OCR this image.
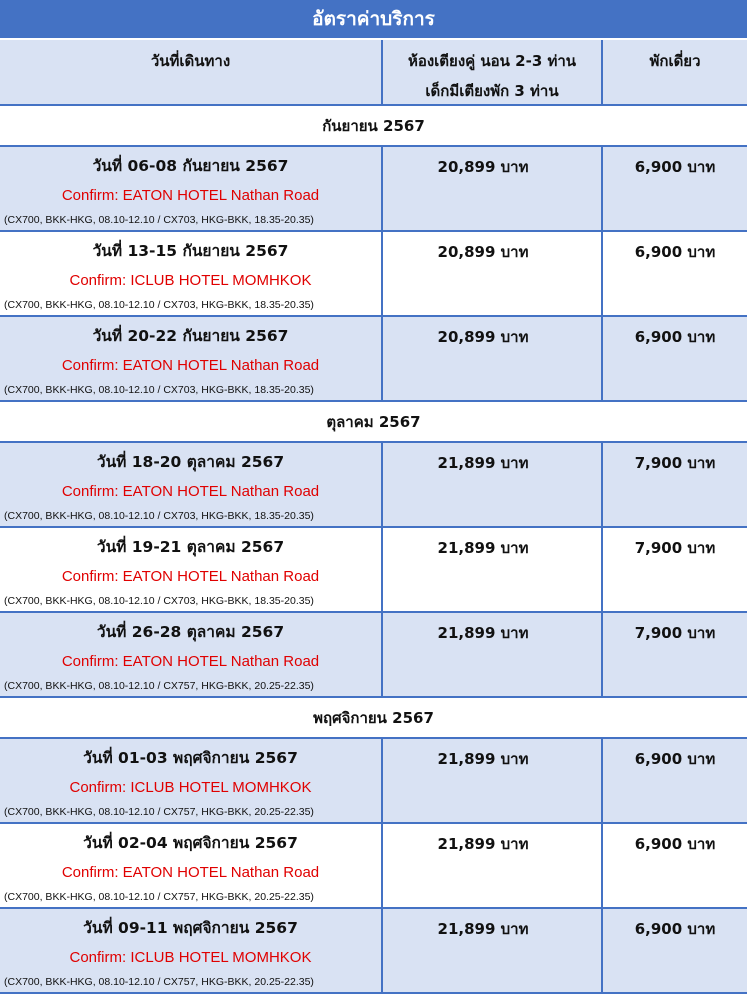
อัตราค่าบริการ
วันที่เดินทาง	ห้องเตียงคู่ นอน 2-3 ท่าน
เด็กมีเตียงพัก 3 ท่าน
พักเดี่ยว
กันยายน 2567
วันที่ 06-08 กันยายน 2567
Confirm: EATON HOTEL Nathan Road
(CX700, BKK-HKG, 08.10-12.10 / CX703, HKG-BKK, 18.35-20.35)
20,899 บาท	6,900 บาท
วันที่ 13-15 กันยายน 2567
Confirm: ICLUB HOTEL MOMHKOK
(CX700, BKK-HKG, 08.10-12.10 / CX703, HKG-BKK, 18.35-20.35)
20,899 บาท	6,900 บาท
วันที่ 20-22 กันยายน 2567
Confirm: EATON HOTEL Nathan Road
(CX700, BKK-HKG, 08.10-12.10 / CX703, HKG-BKK, 18.35-20.35)
20,899 บาท	6,900 บาท
ตุลาคม 2567
วันที่ 18-20 ตุลาคม 2567
Confirm: EATON HOTEL Nathan Road
(CX700, BKK-HKG, 08.10-12.10 / CX703, HKG-BKK, 18.35-20.35)
21,899 บาท	7,900 บาท
วันที่ 19-21 ตุลาคม 2567
Confirm: EATON HOTEL Nathan Road
(CX700, BKK-HKG, 08.10-12.10 / CX703, HKG-BKK, 18.35-20.35)
21,899 บาท	7,900 บาท
วันที่ 26-28 ตุลาคม 2567
Confirm: EATON HOTEL Nathan Road
(CX700, BKK-HKG, 08.10-12.10 / CX757, HKG-BKK, 20.25-22.35)
21,899 บาท	7,900 บาท
พฤศจิกายน 2567
วันที่ 01-03 พฤศจิกายน 2567
Confirm: ICLUB HOTEL MOMHKOK
(CX700, BKK-HKG, 08.10-12.10 / CX757, HKG-BKK, 20.25-22.35)
21,899 บาท	6,900 บาท
วันที่ 02-04 พฤศจิกายน 2567
Confirm: EATON HOTEL Nathan Road
(CX700, BKK-HKG, 08.10-12.10 / CX757, HKG-BKK, 20.25-22.35)
21,899 บาท	6,900 บาท
วันที่ 09-11 พฤศจิกายน 2567
Confirm: ICLUB HOTEL MOMHKOK
(CX700, BKK-HKG, 08.10-12.10 / CX757, HKG-BKK, 20.25-22.35)
21,899 บาท	6,900 บาท
